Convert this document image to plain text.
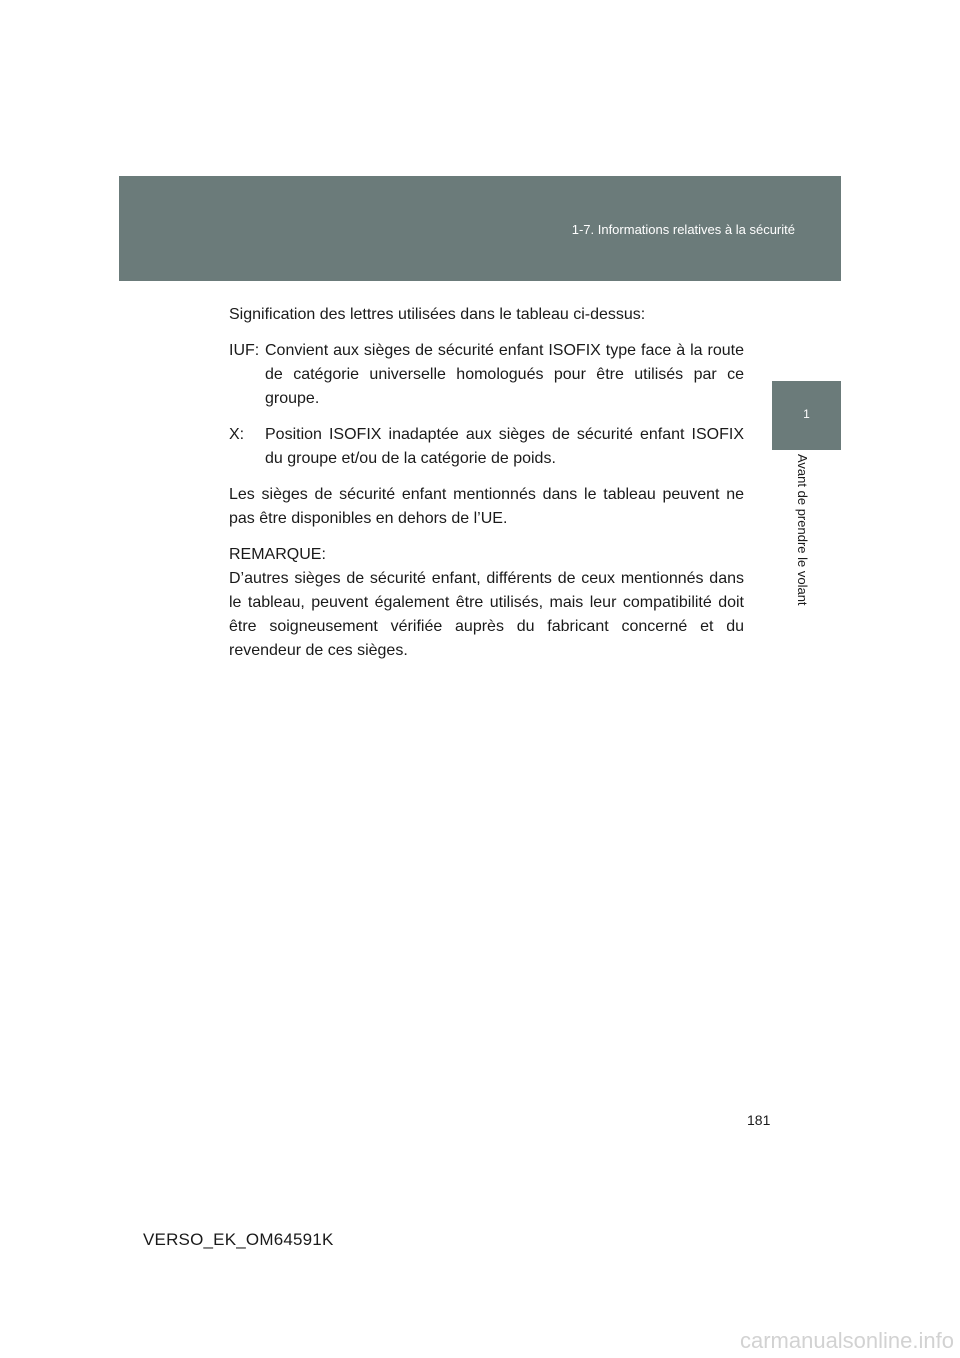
1-7. Informations relatives à la sécurité
1
Avant de prendre le volant

Signification des lettres utilisées dans le tableau ci-dessus:

IUF: Convient aux sièges de sécurité enfant ISOFIX type face à la route de catégorie universelle homologués pour être utilisés par ce groupe.
X:	Position ISOFIX inadaptée aux sièges de sécurité enfant ISOFIX du groupe et/ou de la catégorie de poids.

Les sièges de sécurité enfant mentionnés dans le tableau peuvent ne pas être disponibles en dehors de l’UE.

REMARQUE:

D’autres sièges de sécurité enfant, différents de ceux mentionnés dans le tableau, peuvent également être utilisés, mais leur compatibilité doit être soigneusement vérifiée auprès du fabricant concerné et du revendeur de ces sièges.

181
VERSO_EK_OM64591K
carmanualsonline.info
